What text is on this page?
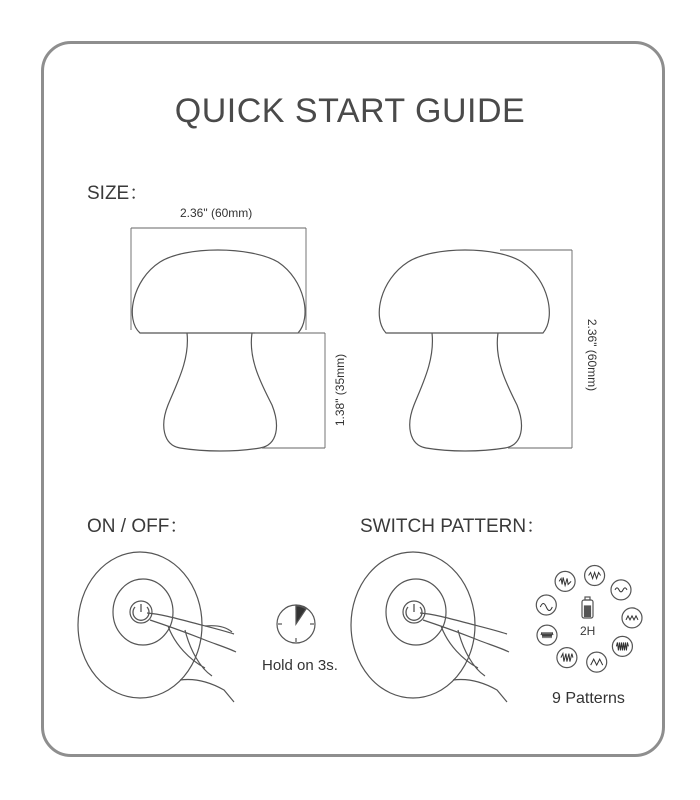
QUICK START GUIDE
SIZE：
ON / OFF：	SWITCH PATTERN：
2.36" (60mm)
1.38" (35mm)	2.36" (60mm)
Hold on 3s.
9 Patterns
2H
